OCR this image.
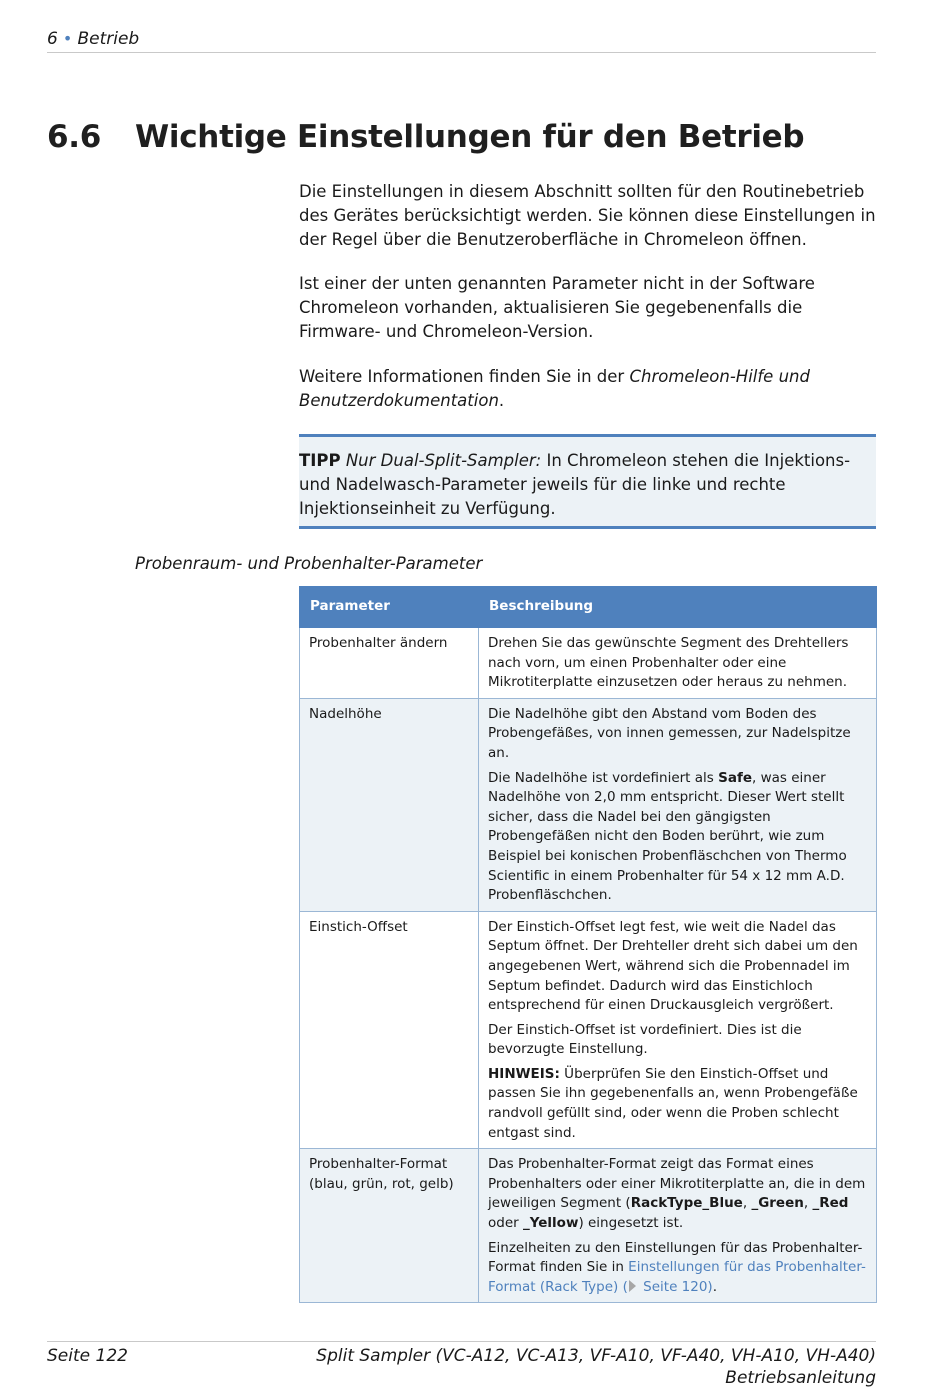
6 • Betrieb
6.6 Wichtige Einstellungen für den Betrieb
Die Einstellungen in diesem Abschnitt sollten für den Routinebetrieb des Gerätes berücksichtigt werden. Sie können diese Einstellungen in der Regel über die Benutzeroberfläche in Chromeleon öffnen.
Ist einer der unten genannten Parameter nicht in der Software Chromeleon vorhanden, aktualisieren Sie gegebenenfalls die Firmware- und Chromeleon-Version.
Weitere Informationen finden Sie in der Chromeleon-Hilfe und Benutzerdokumentation.
TIPP Nur Dual-Split-Sampler: In Chromeleon stehen die Injektions- und Nadelwasch-Parameter jeweils für die linke und rechte Injektionseinheit zu Verfügung.
Probenraum- und Probenhalter-Parameter
Parameter	Beschreibung
Probenhalter ändern	Drehen Sie das gewünschte Segment des Drehtellers nach vorn, um einen Probenhalter oder eine Mikrotiterplatte einzusetzen oder heraus zu nehmen.
Nadelhöhe	Die Nadelhöhe gibt den Abstand vom Boden des Probengefäßes, von innen gemessen, zur Nadelspitze an.

Die Nadelhöhe ist vordefiniert als Safe, was einer Nadelhöhe von 2,0 mm entspricht. Dieser Wert stellt sicher, dass die Nadel bei den gängigsten Probengefäßen nicht den Boden berührt, wie zum Beispiel bei konischen Probenfläschchen von Thermo Scientific in einem Probenhalter für 54 x 12 mm A.D. Probenfläschchen.

Einstich-Offset	Der Einstich-Offset legt fest, wie weit die Nadel das Septum öffnet. Der Drehteller dreht sich dabei um den angegebenen Wert, während sich die Probennadel im Septum befindet. Dadurch wird das Einstichloch entsprechend für einen Druckausgleich vergrößert.

Der Einstich-Offset ist vordefiniert. Dies ist die bevorzugte Einstellung.

HINWEIS: Überprüfen Sie den Einstich-Offset und passen Sie ihn gegebenenfalls an, wenn Probengefäße randvoll gefüllt sind, oder wenn die Proben schlecht entgast sind.

Probenhalter-Format (blau, grün, rot, gelb)	Das Probenhalter-Format zeigt das Format eines Probenhalters oder einer Mikrotiterplatte an, die in dem jeweiligen Segment (RackType_Blue, _Green, _Red oder _Yellow) eingesetzt ist.

Einzelheiten zu den Einstellungen für das Probenhalter-Format finden Sie in Einstellungen für das Probenhalter-Format (Rack Type) ( Seite 120).

Seite 122	Split Sampler (VC-A12, VC-A13, VF-A10, VF-A40, VH-A10, VH-A40)
Betriebsanleitung
